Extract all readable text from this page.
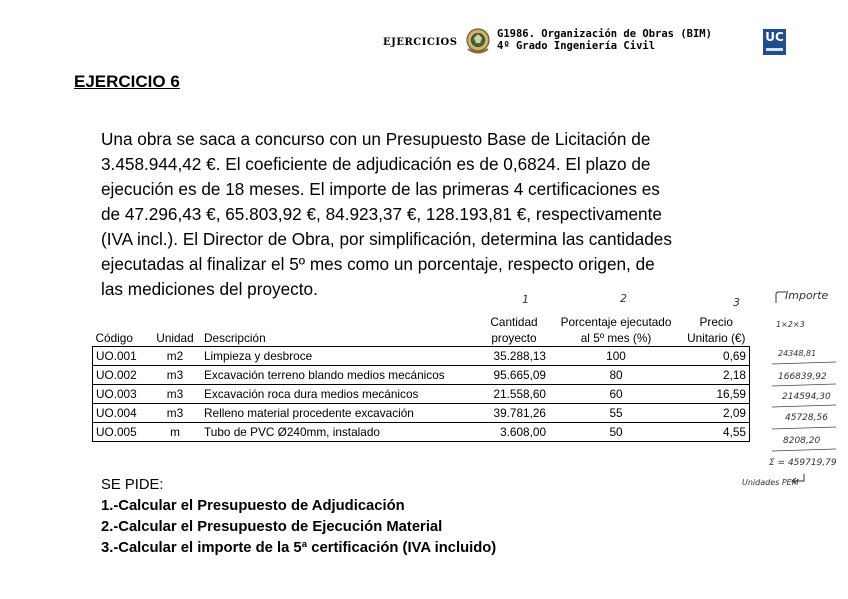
EJERCICIOS
G1986. Organización de Obras (BIM)
4º Grado Ingeniería Civil
UC
EJERCICIO 6

Una obra se saca a concurso con un Presupuesto Base de Licitación de

3.458.944,42 €. El coeficiente de adjudicación es de 0,6824. El plazo de

ejecución es de 18 meses. El importe de las primeras 4 certificaciones es

de 47.296,43 €, 65.803,92 €, 84.923,37 €, 128.193,81 €, respectivamente

(IVA incl.). El Director de Obra, por simplificación, determina las cantidades

ejecutadas al finalizar el 5º mes como un porcentaje, respecto origen, de

las mediciones del proyecto.

1	2	3
Importe
1×2×3
			Cantidad	Porcentaje ejecutado	Precio
Código	Unidad	Descripción	proyecto	al 5º mes (%)	Unitario (€)
UO.001	m2	Limpieza y desbroce	35.288,13	100	0,69
UO.002	m3	Excavación terreno blando medios mecánicos	95.665,09	80	2,18
UO.003	m3	Excavación roca dura medios mecánicos	21.558,60	60	16,59
UO.004	m3	Relleno material procedente excavación	39.781,26	55	2,09
UO.005	m	Tubo de PVC Ø240mm, instalado	3.608,00	50	4,55
24348,81
166839,92
214594,30
45728,56
8208,20
Σ = 459719,79
Unidades PEM
SE PIDE:
1.-Calcular el Presupuesto de Adjudicación
2.-Calcular el Presupuesto de Ejecución Material
3.-Calcular el importe de la 5ª certificación (IVA incluido)
